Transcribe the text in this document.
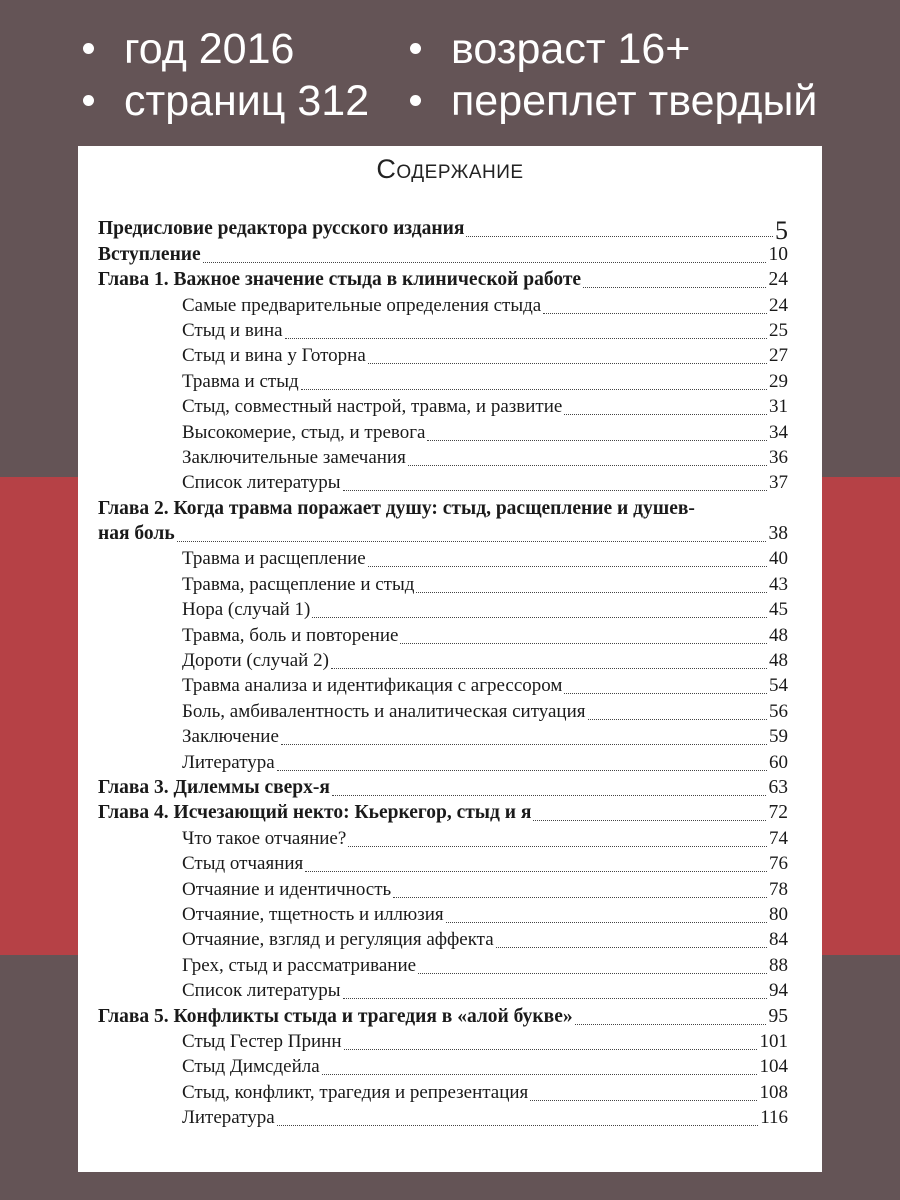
год 2016
страниц 312
возраст 16+
переплет твердый
Содержание
Предисловие редактора русского издания	5
Вступление	10
Глава 1. Важное значение стыда в клинической работе	24
Самые предварительные определения стыда	24
Стыд и вина	25
Стыд и вина у Готорна	27
Травма и стыд	29
Стыд, совместный настрой, травма, и развитие	31
Высокомерие, стыд, и тревога	34
Заключительные замечания	36
Список литературы	37
Глава 2. Когда травма поражает душу: стыд, расщепление и душев-
ная боль	38
Травма и расщепление	40
Травма, расщепление и стыд	43
Нора (случай 1)	45
Травма, боль и повторение	48
Дороти (случай 2)	48
Травма анализа и идентификация с агрессором	54
Боль, амбивалентность и аналитическая ситуация	56
Заключение	59
Литература	60
Глава 3. Дилеммы сверх-я	63
Глава 4. Исчезающий некто: Кьеркегор, стыд и я	72
Что такое отчаяние?	74
Стыд отчаяния	76
Отчаяние и идентичность	78
Отчаяние, тщетность и иллюзия	80
Отчаяние, взгляд и регуляция аффекта	84
Грех, стыд и рассматривание	88
Список литературы	94
Глава 5. Конфликты стыда и трагедия в «алой букве»	95
Стыд Гестер Принн	101
Стыд Димсдейла	104
Стыд, конфликт, трагедия и репрезентация	108
Литература	116
